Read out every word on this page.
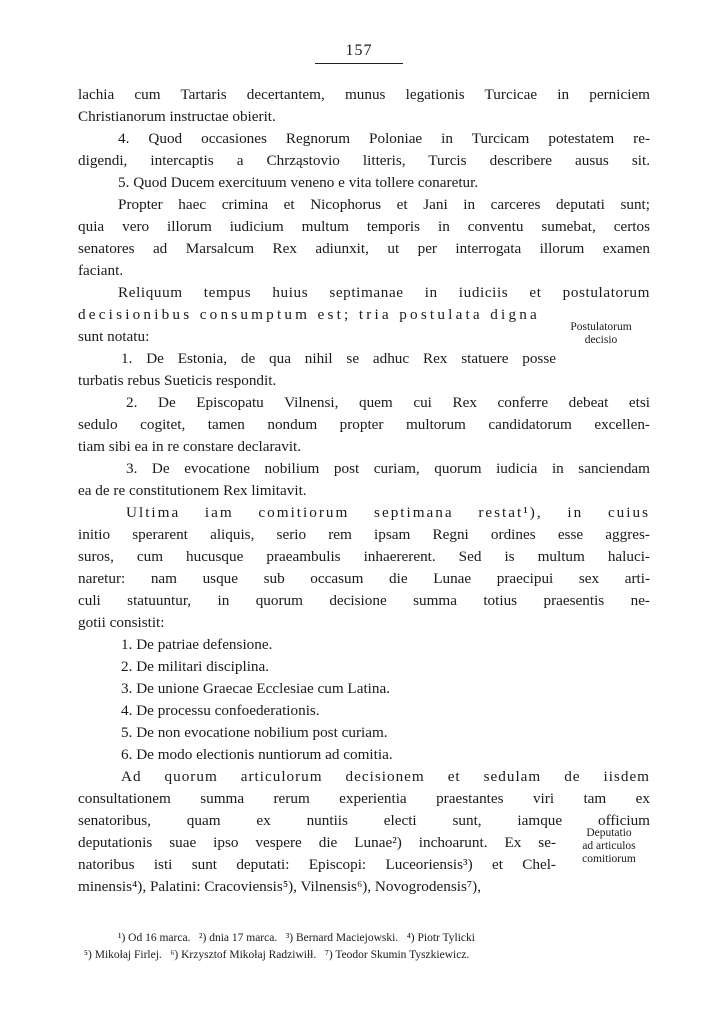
157
lachia cum Tartaris decertantem, munus legationis Turcicae in perniciem
Christianorum instructae obierit.
4. Quod occasiones Regnorum Poloniae in Turcicam potestatem re-
digendi, intercaptis a Chrząstovio litteris, Turcis describere ausus sit.
5. Quod Ducem exercituum veneno e vita tollere conaretur.
Propter haec crimina et Nicophorus et Jani in carceres deputati sunt;
quia vero illorum iudicium multum temporis in conventu sumebat, certos
senatores ad Marsalcum Rex adiunxit, ut per interrogata illorum examen
faciant.
Reliquum tempus huius septimanae in iudiciis et postulatorum
decisionibus consumptum est; tria postulata digna
sunt notatu:
1. De Estonia, de qua nihil se adhuc Rex statuere posse
turbatis rebus Sueticis respondit.
2. De Episcopatu Vilnensi, quem cui Rex conferre debeat etsi
sedulo cogitet, tamen nondum propter multorum candidatorum excellen-
tiam sibi ea in re constare declaravit.
3. De evocatione nobilium post curiam, quorum iudicia in sanciendam
ea de re constitutionem Rex limitavit.
Ultima iam comitiorum septimana restat¹), in cuius
initio sperarent aliquis, serio rem ipsam Regni ordines esse aggres-
suros, cum hucusque praeambulis inhaererent. Sed is multum haluci-
naretur: nam usque sub occasum die Lunae praecipui sex arti-
culi statuuntur, in quorum decisione summa totius praesentis ne-
gotii consistit:
1. De patriae defensione.
2. De militari disciplina.
3. De unione Graecae Ecclesiae cum Latina.
4. De processu confoederationis.
5. De non evocatione nobilium post curiam.
6. De modo electionis nuntiorum ad comitia.
Ad quorum articulorum decisionem et sedulam de iisdem
consultationem summa rerum experientia praestantes viri tam ex
senatoribus, quam ex nuntiis electi sunt, iamque officium
deputationis suae ipso vespere die Lunae²) inchoarunt. Ex se-
natoribus isti sunt deputati: Episcopi: Luceoriensis³) et Chel-
minensis⁴), Palatini: Cracoviensis⁵), Vilnensis⁶), Novogrodensis⁷),
Postulatorum
decisio
Deputatio
ad articulos
comitiorum
¹) Od 16 marca.   ²) dnia 17 marca.   ³) Bernard Maciejowski.   ⁴) Piotr Tylicki
⁵) Mikołaj Firlej.   ⁶) Krzysztof Mikołaj Radziwiłł.   ⁷) Teodor Skumin Tyszkiewicz.
